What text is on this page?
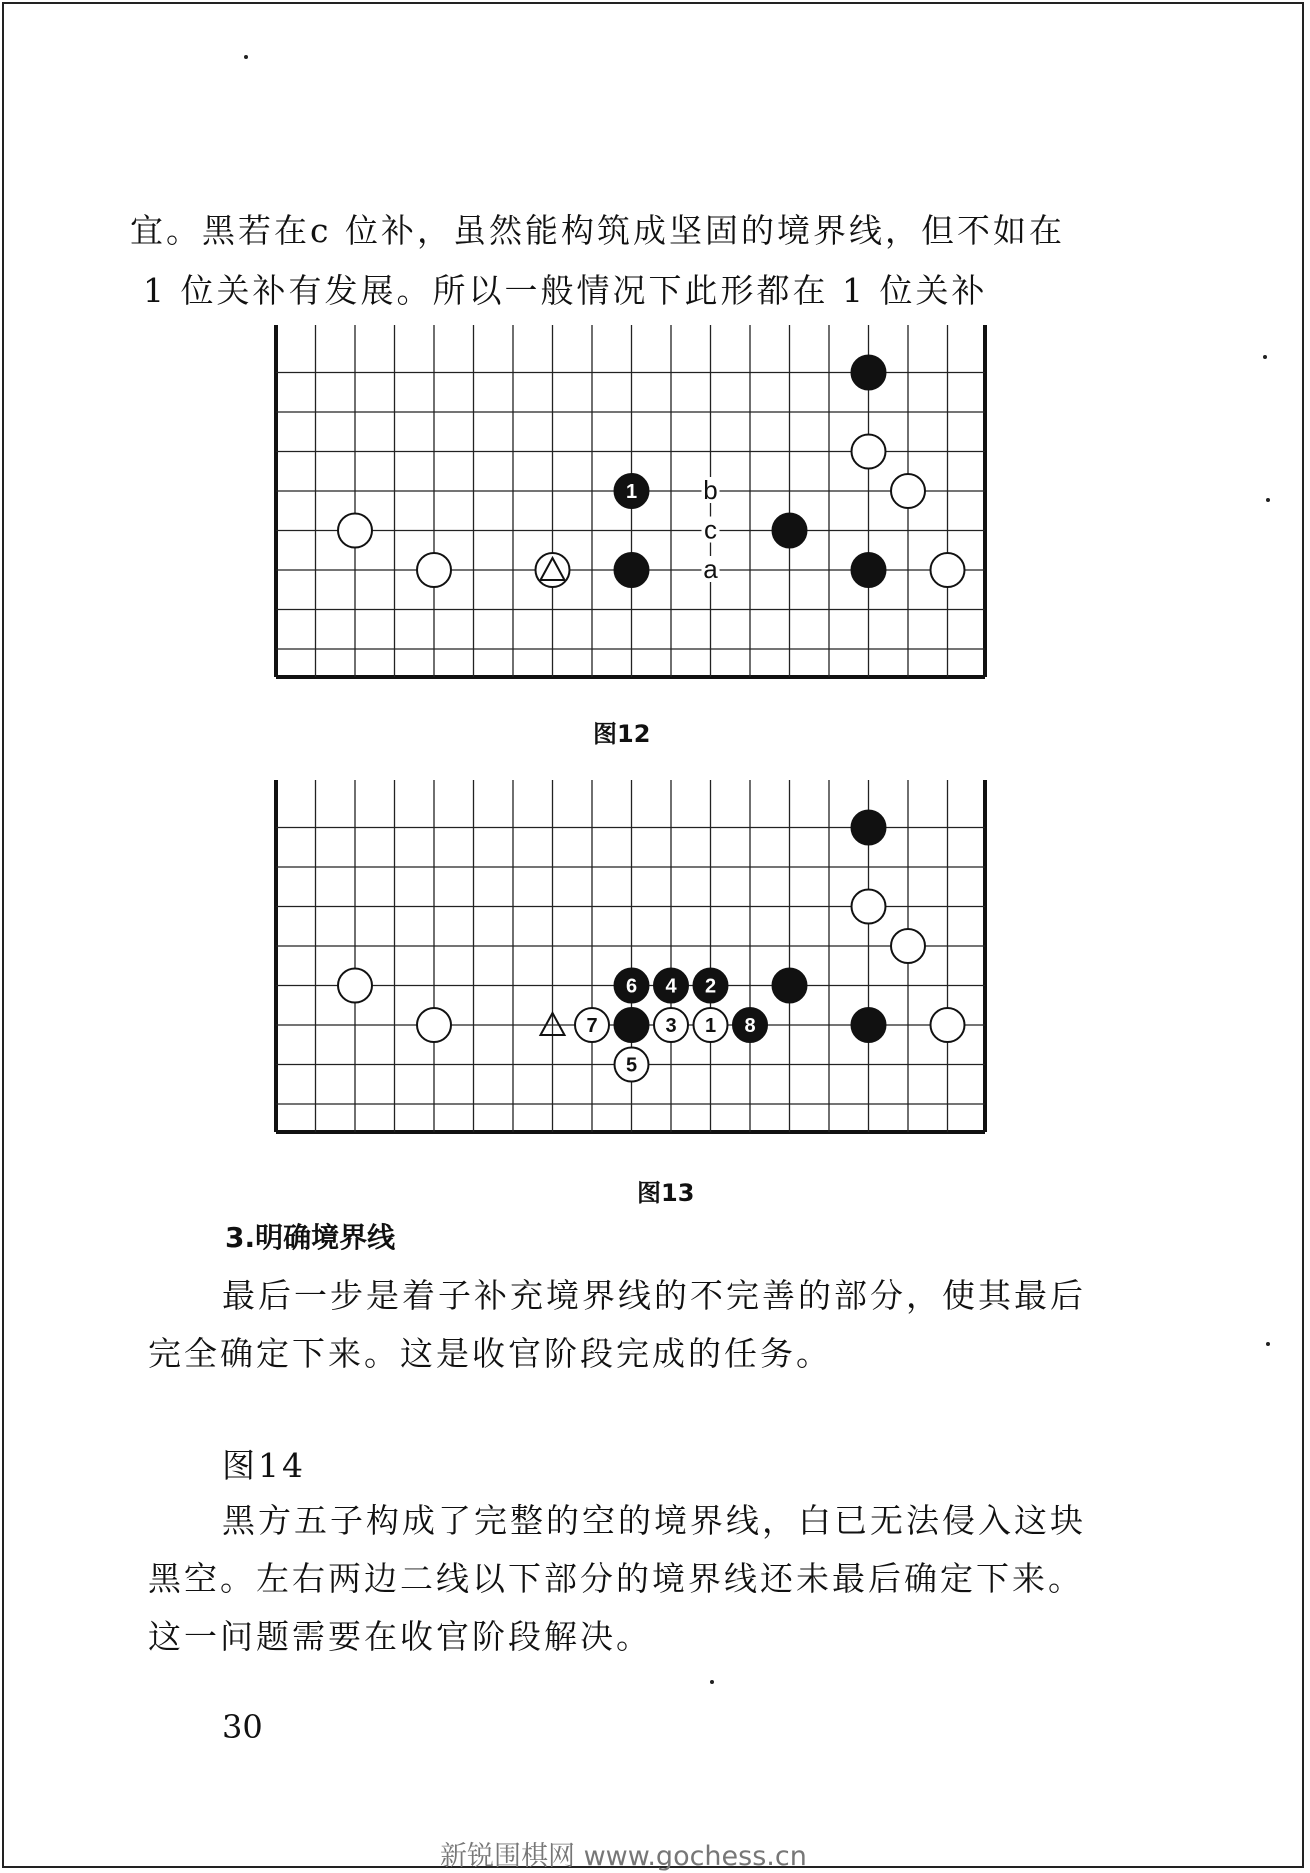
宜。黑若在c 位补，虽然能构筑成坚固的境界线，但不如在
1 位关补有发展。所以一般情况下此形都在 1 位关补
1	b
c
a
图12
6 4 2
7	3 1 8
5
图13
3.明确境界线
最后一步是着子补充境界线的不完善的部分，使其最后
完全确定下来。这是收官阶段完成的任务。
图14
黑方五子构成了完整的空的境界线，白已无法侵入这块
黑空。左右两边二线以下部分的境界线还未最后确定下来。
这一问题需要在收官阶段解决。
30
新锐围棋网 www.gochess.cn
